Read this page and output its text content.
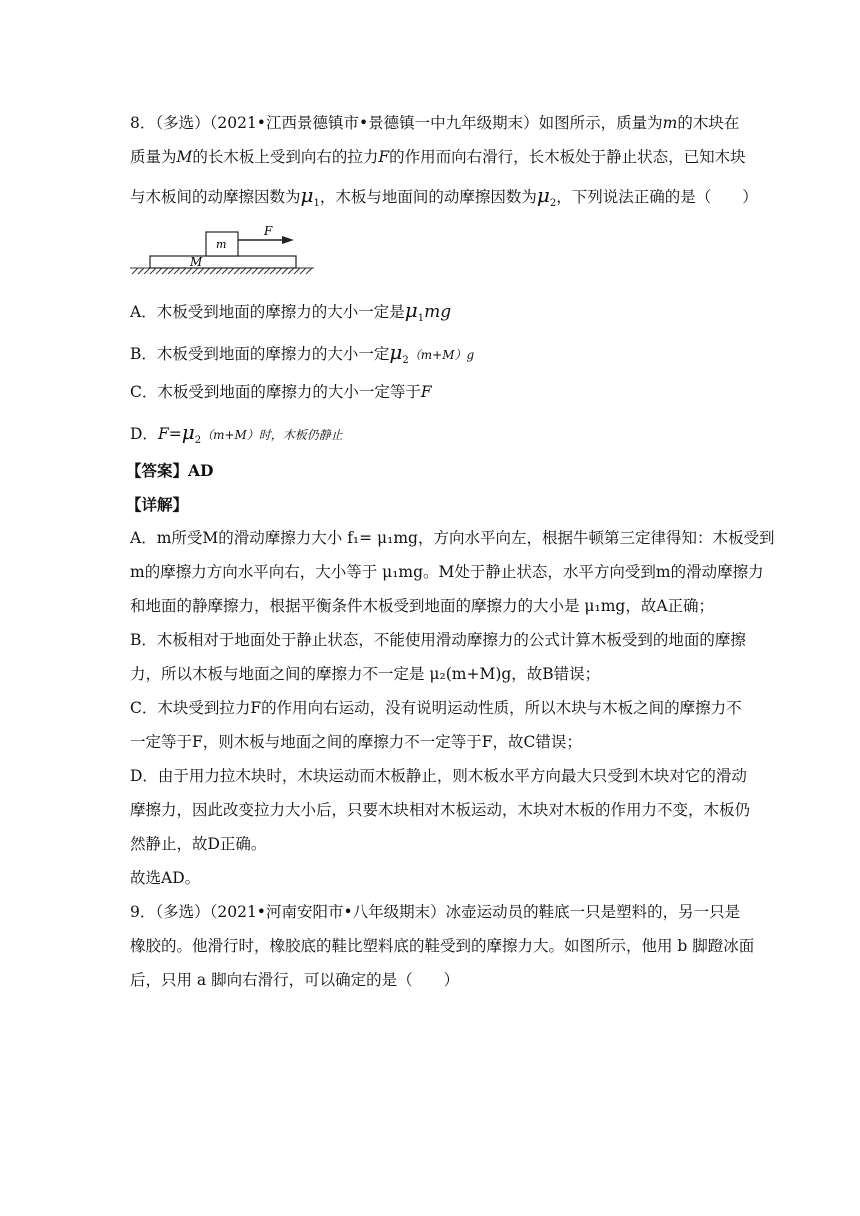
8．（多选）（2021•江西景德镇市•景德镇一中九年级期末）如图所示，质量为m的木块在
质量为M的长木板上受到向右的拉力F的作用而向右滑行，长木板处于静止状态，已知木块
与木板间的动摩擦因数为$\mu_1$，木板与地面间的动摩擦因数为$\mu_2$，下列说法正确的是（　　）
M
m
F
A．木板受到地面的摩擦力的大小一定是$\mu_1mg$
B．木板受到地面的摩擦力的大小一定$\mu_2(m+M)g$
C．木板受到地面的摩擦力的大小一定等于F
D．$F=\mu_2(m+M)$时，木板仍静止
【答案】AD
【详解】
A．m所受M的滑动摩擦力大小 f₁= μ₁mg，方向水平向左，根据牛顿第三定律得知：木板受到
m的摩擦力方向水平向右，大小等于 μ₁mg。M处于静止状态，水平方向受到m的滑动摩擦力
和地面的静摩擦力，根据平衡条件木板受到地面的摩擦力的大小是 μ₁mg，故A正确；
B．木板相对于地面处于静止状态，不能使用滑动摩擦力的公式计算木板受到的地面的摩擦
力，所以木板与地面之间的摩擦力不一定是 μ₂(m+M)g，故B错误；
C．木块受到拉力F的作用向右运动，没有说明运动性质，所以木块与木板之间的摩擦力不
一定等于F，则木板与地面之间的摩擦力不一定等于F，故C错误；
D．由于用力拉木块时，木块运动而木板静止，则木板水平方向最大只受到木块对它的滑动
摩擦力，因此改变拉力大小后，只要木块相对木板运动，木块对木板的作用力不变，木板仍
然静止，故D正确。
故选AD。
9．（多选）（2021•河南安阳市•八年级期末）冰壶运动员的鞋底一只是塑料的，另一只是
橡胶的。他滑行时，橡胶底的鞋比塑料底的鞋受到的摩擦力大。如图所示，他用 b 脚蹬冰面
后，只用 a 脚向右滑行，可以确定的是（　　）
